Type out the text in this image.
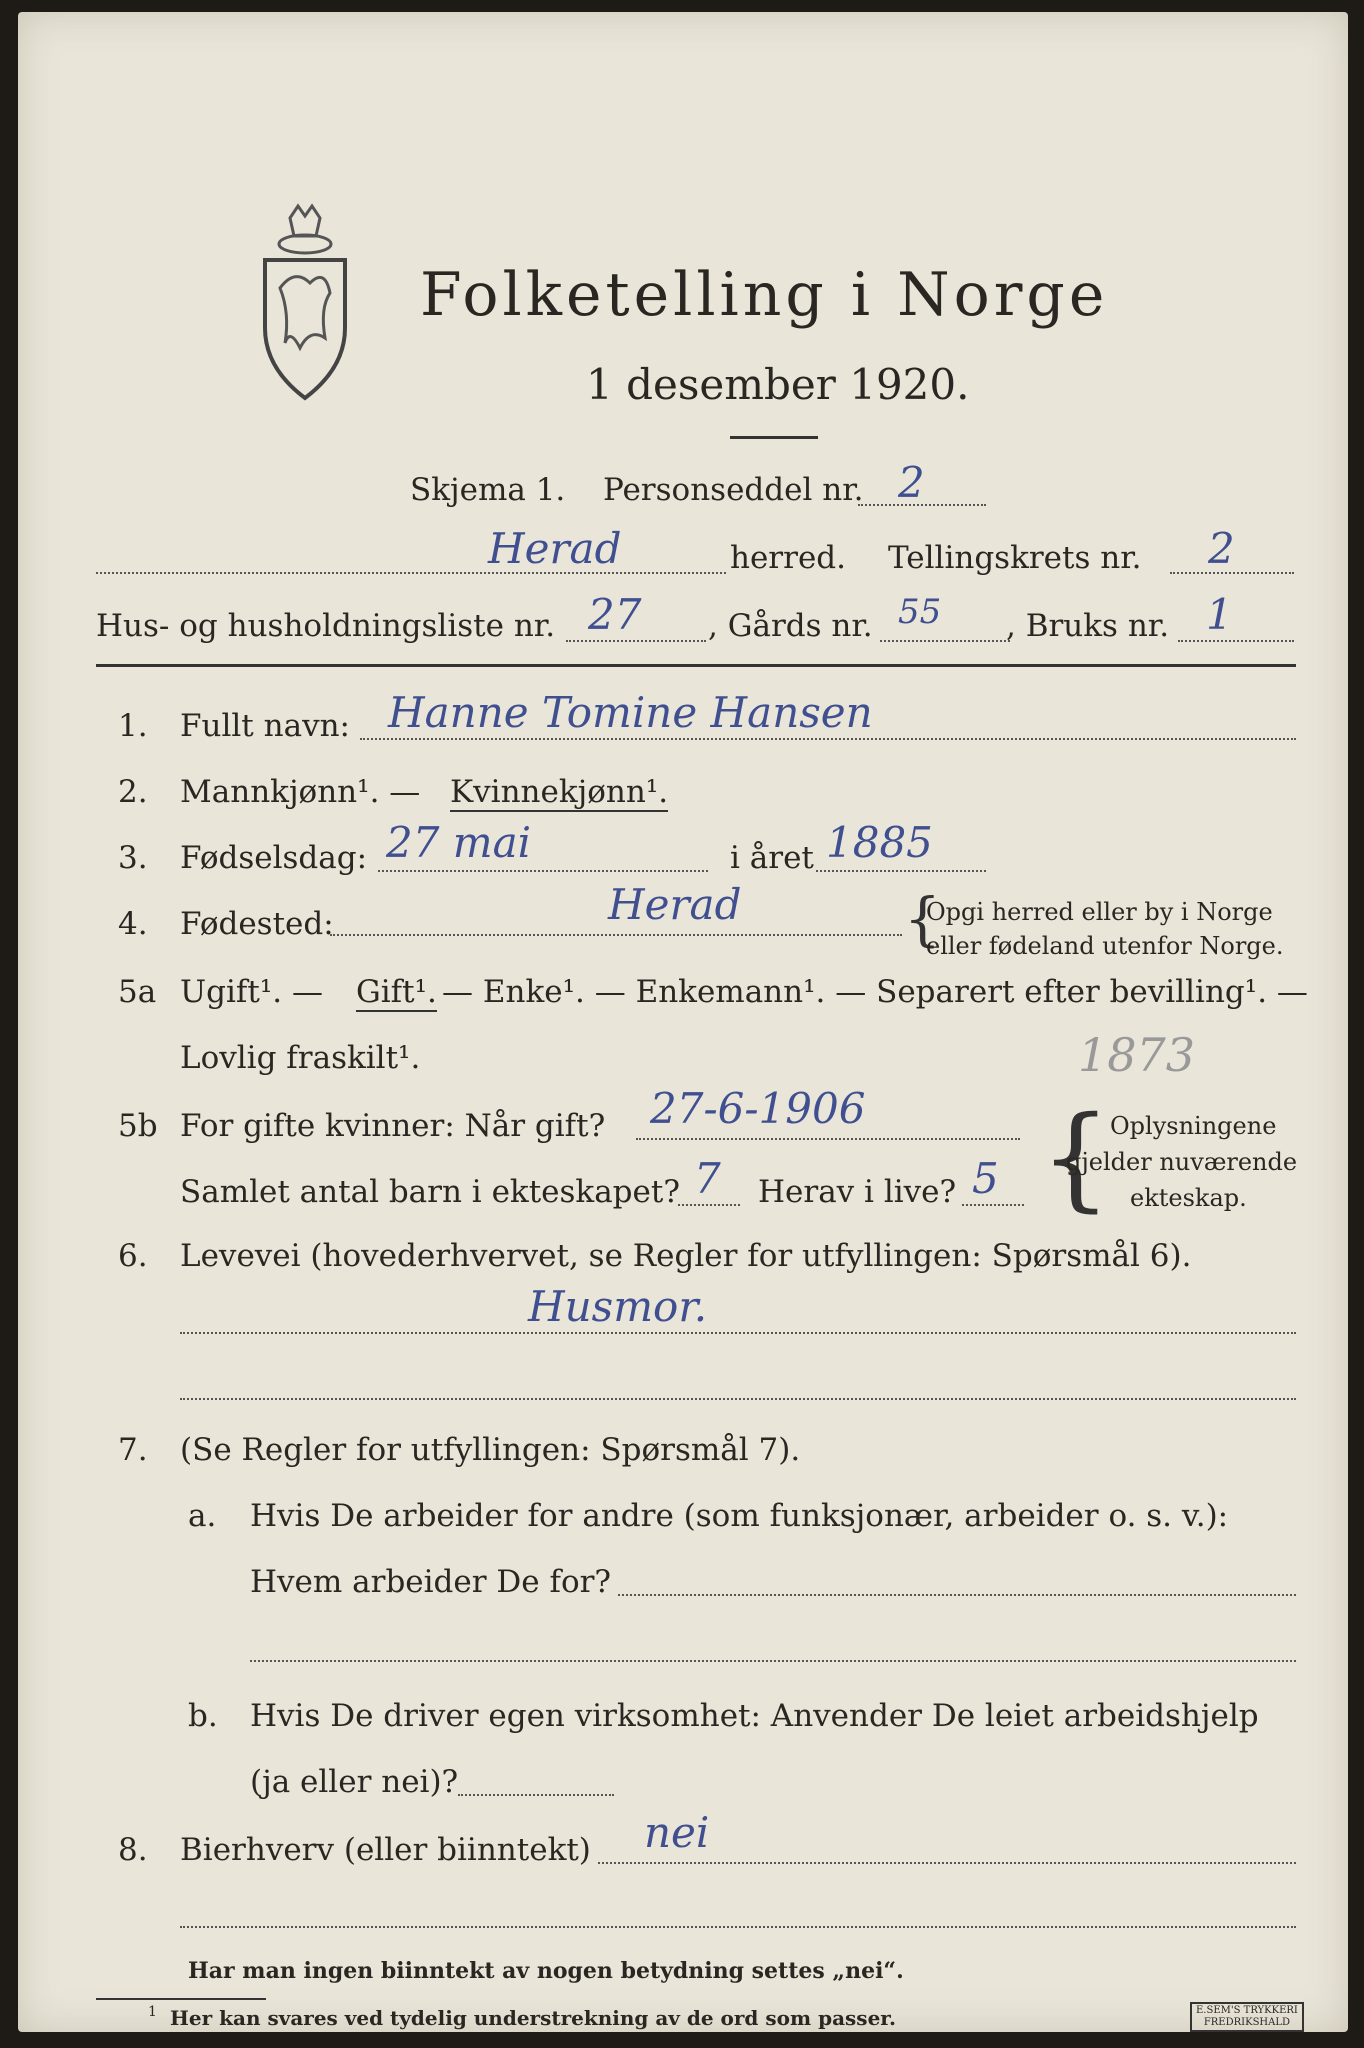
Folketelling i Norge
1 desember 1920.
Skjema 1. Personseddel nr. 2
Herad	herred. Tellingskrets nr. 2
Hus- og husholdningsliste nr. 27 , Gårds nr. 55 , Bruks nr. 1
1. Fullt navn: Hanne Tomine Hansen
2. Mannkjønn¹. — Kvinnekjønn¹.
3. Fødselsdag: 27 mai	i året 1885
4. Fødested:	Herad	{
Opgi herred eller by i Norge
eller fødeland utenfor Norge.
5a Ugift¹. — Gift¹. — Enke¹. — Enkemann¹. — Separert efter bevilling¹. —
Lovlig fraskilt¹.	1873
5b For gifte kvinner: Når gift? 27-6-1906
Samlet antal barn i ekteskapet? 7 Herav i live? 5 {
Oplysningene
gjelder nuværende
ekteskap.
6. Levevei (hovederhvervet, se Regler for utfyllingen: Spørsmål 6).
Husmor.
7. (Se Regler for utfyllingen: Spørsmål 7).
a. Hvis De arbeider for andre (som funksjonær, arbeider o. s. v.):
Hvem arbeider De for?
b. Hvis De driver egen virksomhet: Anvender De leiet arbeidshjelp
(ja eller nei)?
8. Bierhverv (eller biinntekt) nei
Har man ingen biinntekt av nogen betydning settes „nei“.
1 Her kan svares ved tydelig understrekning av de ord som passer.	E.SEM'S TRYKKERI
FREDRIKSHALD
